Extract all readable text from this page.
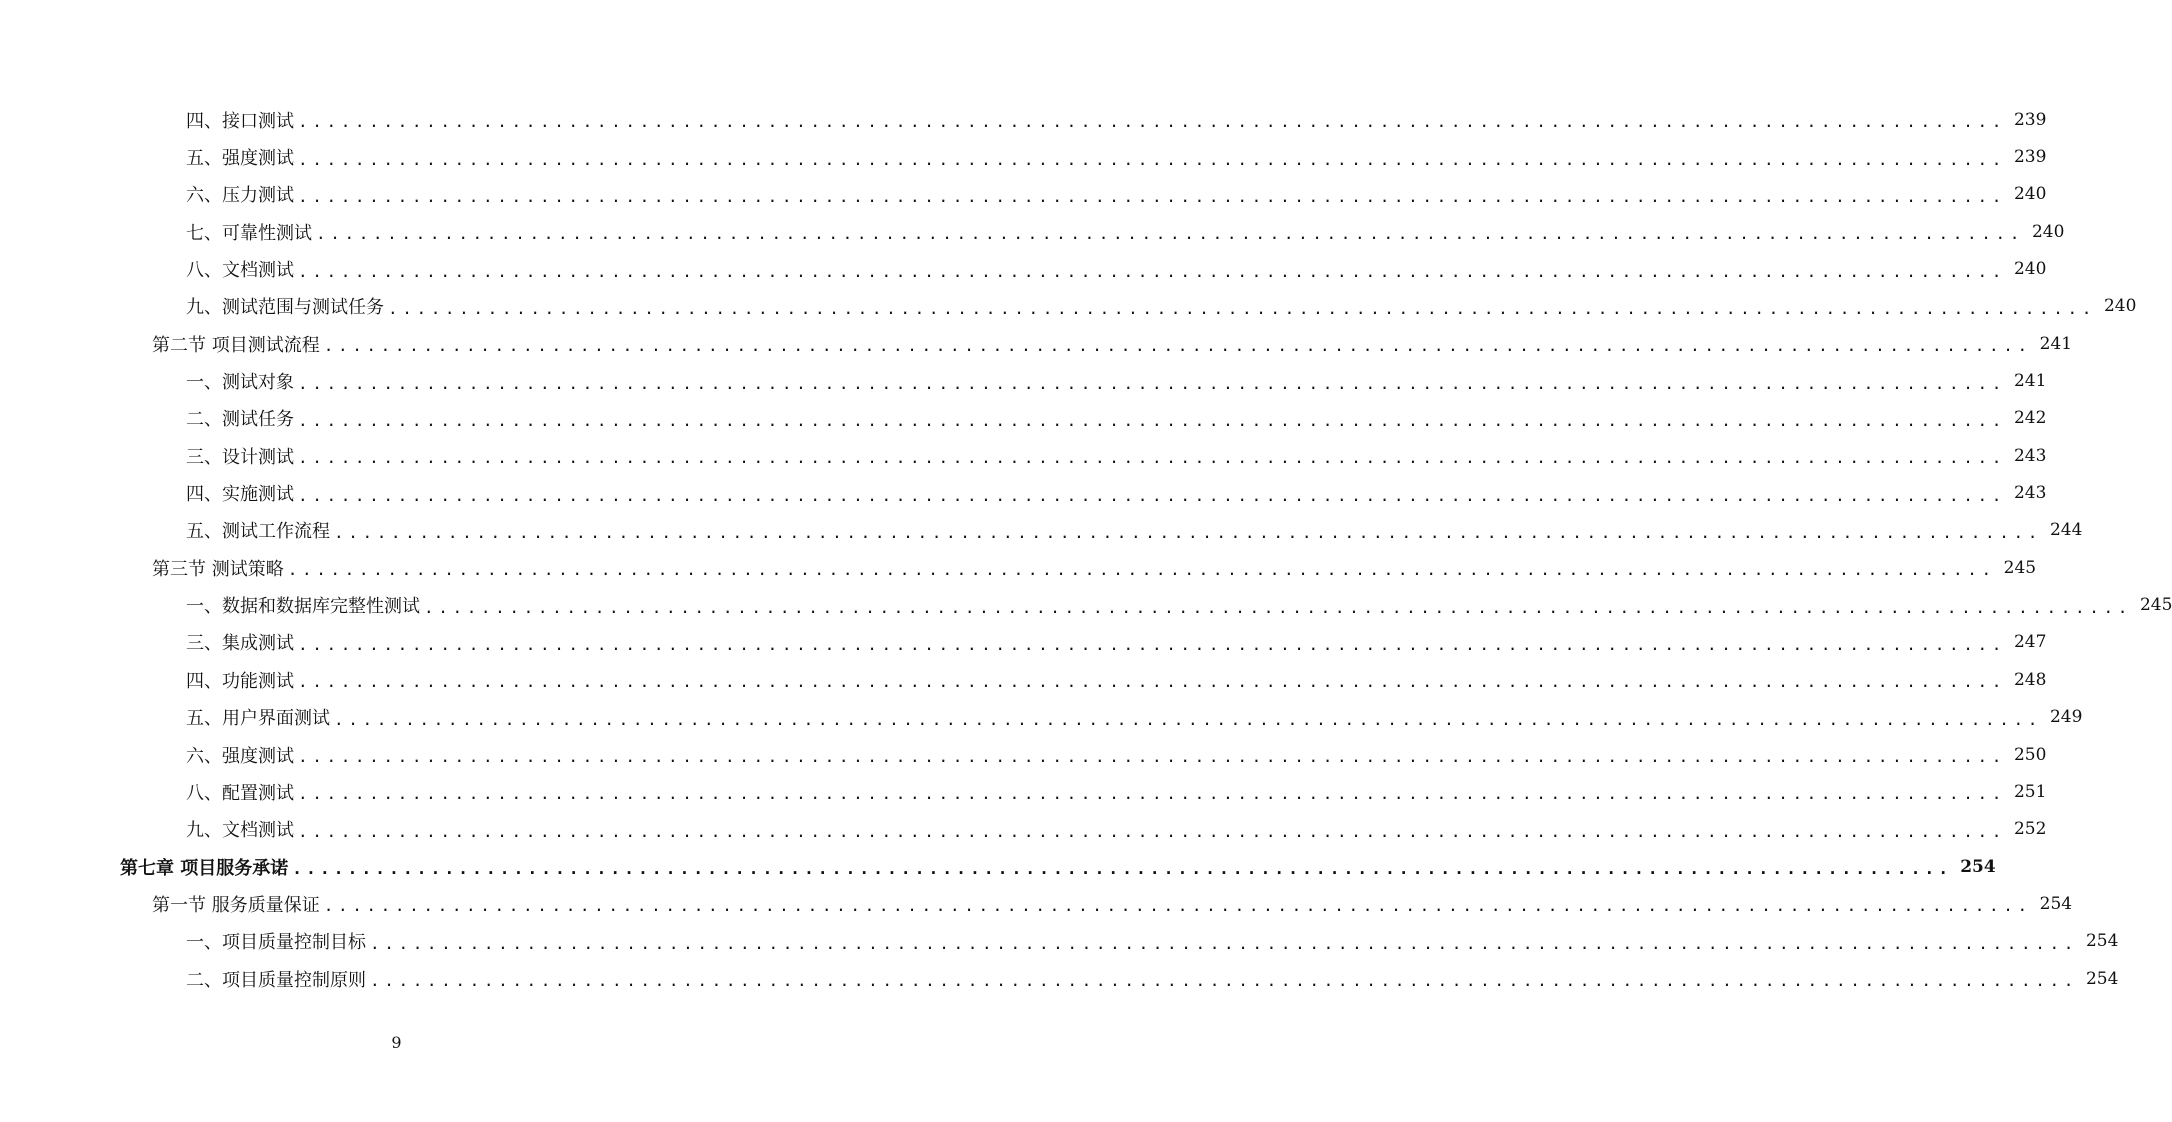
四、接口测试 ........................................................................................................................ 239
五、强度测试 ........................................................................................................................ 239
六、压力测试 ........................................................................................................................ 240
七、可靠性测试 ........................................................................................................................ 240
八、文档测试 ........................................................................................................................ 240
九、测试范围与测试任务 ........................................................................................................................ 240
第二节 项目测试流程 ........................................................................................................................ 241
一、测试对象 ........................................................................................................................ 241
二、测试任务 ........................................................................................................................ 242
三、设计测试 ........................................................................................................................ 243
四、实施测试 ........................................................................................................................ 243
五、测试工作流程 ........................................................................................................................ 244
第三节 测试策略 ........................................................................................................................ 245
一、数据和数据库完整性测试 ........................................................................................................................ 245
三、集成测试 ........................................................................................................................ 247
四、功能测试 ........................................................................................................................ 248
五、用户界面测试 ........................................................................................................................ 249
六、强度测试 ........................................................................................................................ 250
八、配置测试 ........................................................................................................................ 251
九、文档测试 ........................................................................................................................ 252
第七章 项目服务承诺 ........................................................................................................................ 254
第一节 服务质量保证 ........................................................................................................................ 254
一、项目质量控制目标 ........................................................................................................................ 254
二、项目质量控制原则 ........................................................................................................................ 254
9
